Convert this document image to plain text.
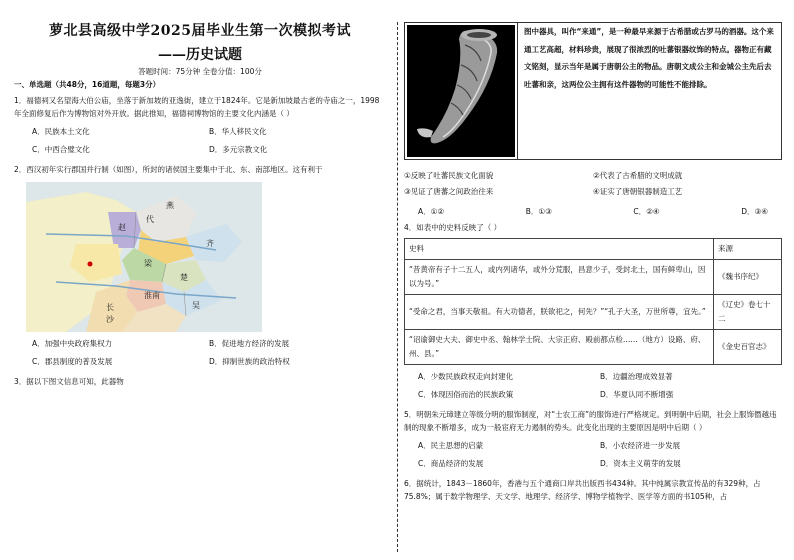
萝北县高级中学2025届毕业生第一次模拟考试
——历史试题
答题时间：75分钟 全卷分值：100分
一、单选题（共48分，16道题，每题3分）
1．福德祠又名望海大伯公庙，坐落于新加坡的亚逸街，建立于1824年。它是新加坡最古老的寺庙之一，1998年全面修复后作为博物馆对外开放。据此推知，福德祠博物馆的主要文化内涵是（ ）
A．民族本土文化	B．华人移民文化
C．中西合璧文化	D．多元宗教文化
2．西汉初年实行郡国并行制（如图），所封的诸侯国主要集中于北、东、南部地区。这有利于
燕
代
赵
齐
梁
淮南
长沙
楚
吴
A．加强中央政府集权力	B．促进地方经济的发展
C．郡县制度的普及发展	D．抑制世族的政治特权
3．据以下图文信息可知，此器物
图中器具，叫作“来通”，是一种最早来源于古希腊或古罗马的酒器。这个来通工艺高超，材料珍贵，展现了很浓烈的吐蕃银器纹饰的特点。器物正有藏文铭刻，显示当年是属于唐朝公主的物品。唐朝文成公主和金城公主先后去吐蕃和亲，这两位公主拥有这件器物的可能性不能排除。
①反映了吐蕃民族文化面貌	②代表了古希腊的文明成就
③见证了唐蕃之间政治往来	④证实了唐朝银器制造工艺
A．①②	B．①③	C．②④	D．③④
4．如表中的史料反映了（ ）
史料	来源
“昔黄帝有子十二五人，或内列诸华，或外分荒服，昌意少子，受封北土，国有鲜卑山，因以为号。”	《魏书序纪》
“受命之君，当事天敬祖。有大功德者，朕欲祀之，何先？”“孔子大圣，万世所尊，宜先。”	《辽史》卷七十二
“诏谕御史大夫、御史中丞、翰林学士院、大宗正府、殿前都点检……（地方）设路、府、州、县。”	《金史百官志》
A．少数民族政权走向封建化	B．边疆治理成效显著
C．体现因俗而治的民族政策	D．华夏认同不断增强
5．明朝朱元璋建立等级分明的服饰制度，对“士农工商”的服饰进行严格规定。到明朝中后期，社会上服饰僭越违制的现象不断增多，成为一般宦府无力遏制的势头。此变化出现的主要原因是明中后期（ ）
A．民主思想的启蒙	B．小农经济进一步发展
C．商品经济的发展	D．资本主义萌芽的发展
6．据统计，1843－1860年，香港与五个通商口岸共出版西书434种。其中纯属宗教宣传品的有329种，占75.8%；属于数学物理学、天文学、地理学、经济学、博物学植物学、医学等方面的书105种，占
